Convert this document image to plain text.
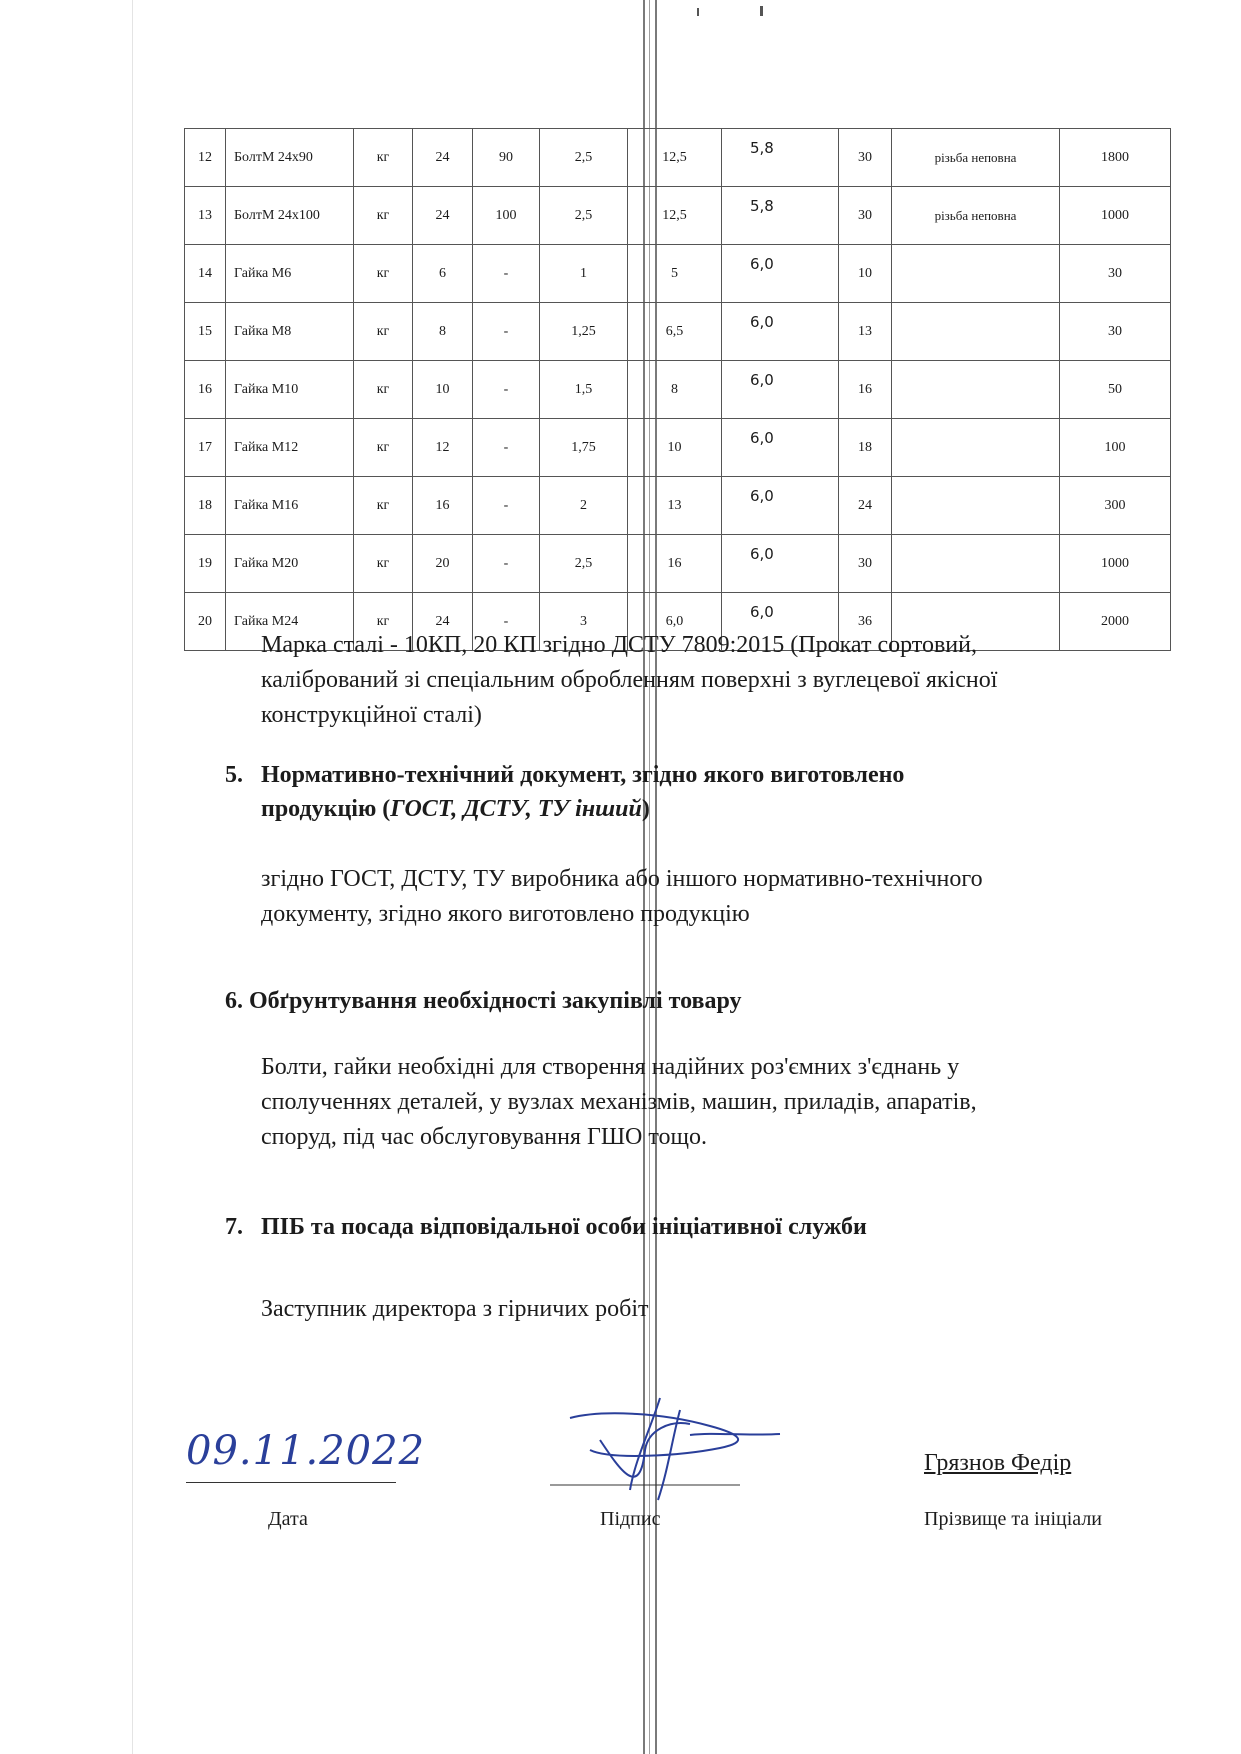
12	БолтМ 24х90	кг	24	90	2,5	12,5	5,8	30	різьба неповна	1800
13	БолтМ 24х100	кг	24	100	2,5	12,5	5,8	30	різьба неповна	1000
14	Гайка М6	кг	6	-	1	5	6,0	10		30
15	Гайка М8	кг	8	-	1,25	6,5	6,0	13		30
16	Гайка М10	кг	10	-	1,5	8	6,0	16		50
17	Гайка М12	кг	12	-	1,75	10	6,0	18		100
18	Гайка М16	кг	16	-	2	13	6,0	24		300
19	Гайка М20	кг	20	-	2,5	16	6,0	30		1000
20	Гайка М24	кг	24	-	3	6,0	6,0	36		2000
Марка сталі - 10КП, 20 КП згідно ДСТУ 7809:2015 (Прокат сортовий,
калібрований зі спеціальним обробленням поверхні з вуглецевої якісної
конструкційної сталі)
5. Нормативно-технічний документ, згідно якого виготовлено
продукцію (ГОСТ, ДСТУ, ТУ інший)
згідно ГОСТ, ДСТУ, ТУ виробника або іншого нормативно-технічного
документу, згідно якого виготовлено продукцію
6. Обґрунтування необхідності закупівлі товару
Болти, гайки необхідні для створення надійних роз'ємних з'єднань у
сполученнях деталей, у вузлах механізмів, машин, приладів, апаратів,
споруд, під час обслуговування ГШО тощо.
7. ПІБ та посада відповідальної особи ініціативної служби
Заступник директора з гірничих робіт
09.11.2022
Дата	Підпис
Грязнов Федір
Прізвище та ініціали
